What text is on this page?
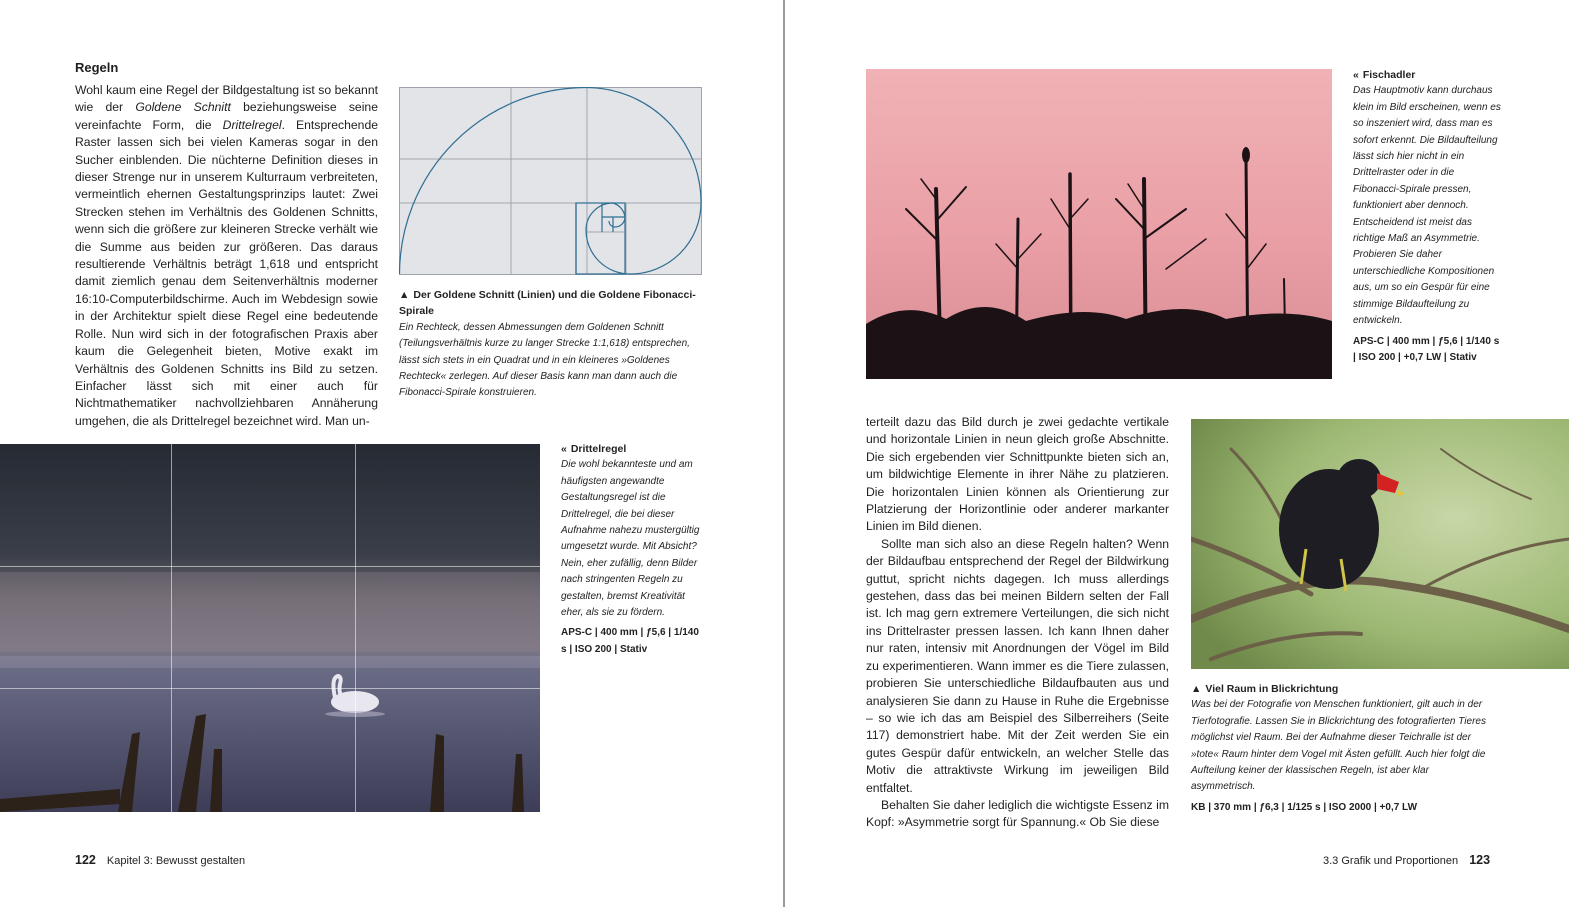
Regeln

Wohl kaum eine Regel der Bildgestaltung ist so bekannt wie der Goldene Schnitt beziehungsweise seine vereinfachte Form, die Drittelregel. Entsprechende Raster lassen sich bei vielen Kameras sogar in den Sucher einblenden. Die nüchterne Definition dieses in dieser Strenge nur in unserem Kulturraum verbreiteten, vermeintlich ehernen Gestaltungsprinzips lautet: Zwei Strecken stehen im Verhältnis des Goldenen Schnitts, wenn sich die größere zur kleineren Strecke verhält wie die Summe aus beiden zur größeren. Das daraus resultierende Verhältnis beträgt 1,618 und entspricht damit ziemlich genau dem Seitenverhältnis moderner 16:10-Computerbildschirme. Auch im Webdesign sowie in der Architektur spielt diese Regel eine bedeutende Rolle. Nun wird sich in der fotografischen Praxis aber kaum die Gelegenheit bieten, Motive exakt im Verhältnis des Goldenen Schnitts ins Bild zu setzen. Einfacher lässt sich mit einer auch für Nichtmathematiker nachvollziehbaren Annäherung umgehen, die als Drittelregel bezeichnet wird. Man un-

▲ Der Goldene Schnitt (Linien) und die Goldene Fibonacci-Spirale
Ein Rechteck, dessen Abmessungen dem Goldenen Schnitt (Teilungsverhältnis kurze zu langer Strecke 1:1,618) entsprechen, lässt sich stets in ein Quadrat und in ein kleineres »Goldenes Rechteck« zerlegen. Auf dieser Basis kann man dann auch die Fibonacci-Spirale konstruieren.
« Drittelregel
Die wohl bekannteste und am häufigsten angewandte Gestaltungsregel ist die Drittelregel, die bei dieser Aufnahme nahezu mustergültig umgesetzt wurde. Mit Absicht? Nein, eher zufällig, denn Bilder nach stringenten Regeln zu gestalten, bremst Kreativität eher, als sie zu fördern.
APS-C | 400 mm | ƒ5,6 | 1/140 s | ISO 200 | Stativ
122 Kapitel 3: Bewusst gestalten
« Fischadler
Das Hauptmotiv kann durchaus klein im Bild erscheinen, wenn es so inszeniert wird, dass man es sofort erkennt. Die Bildaufteilung lässt sich hier nicht in ein Drittelraster oder in die Fibonacci-Spirale pressen, funktioniert aber dennoch. Entscheidend ist meist das richtige Maß an Asymmetrie. Probieren Sie daher unterschiedliche Kompositionen aus, um so ein Gespür für eine stimmige Bildaufteilung zu entwickeln.
APS-C | 400 mm | ƒ5,6 | 1/140 s | ISO 200 | +0,7 LW | Stativ

terteilt dazu das Bild durch je zwei gedachte vertikale und horizontale Linien in neun gleich große Abschnitte. Die sich ergebenden vier Schnittpunkte bieten sich an, um bildwichtige Elemente in ihrer Nähe zu platzieren. Die horizontalen Linien können als Orientierung zur Platzierung der Horizontlinie oder anderer markanter Linien im Bild dienen.

Sollte man sich also an diese Regeln halten? Wenn der Bildaufbau entsprechend der Regel der Bildwirkung guttut, spricht nichts dagegen. Ich muss allerdings gestehen, dass das bei meinen Bildern selten der Fall ist. Ich mag gern extremere Verteilungen, die sich nicht ins Drittelraster pressen lassen. Ich kann Ihnen daher nur raten, intensiv mit Anordnungen der Vögel im Bild zu experimentieren. Wann immer es die Tiere zulassen, probieren Sie unterschiedliche Bildaufbauten aus und analysieren Sie dann zu Hause in Ruhe die Ergebnisse – so wie ich das am Beispiel des Silberreihers (Seite 117) demonstriert habe. Mit der Zeit werden Sie ein gutes Gespür dafür entwickeln, an welcher Stelle das Motiv die attraktivste Wirkung im jeweiligen Bild entfaltet.

Behalten Sie daher lediglich die wichtigste Essenz im Kopf: »Asymmetrie sorgt für Spannung.« Ob Sie diese

▲ Viel Raum in Blickrichtung
Was bei der Fotografie von Menschen funktioniert, gilt auch in der Tierfotografie. Lassen Sie in Blickrichtung des fotografierten Tieres möglichst viel Raum. Bei der Aufnahme dieser Teichralle ist der »tote« Raum hinter dem Vogel mit Ästen gefüllt. Auch hier folgt die Aufteilung keiner der klassischen Regeln, ist aber klar asymmetrisch.
KB | 370 mm | ƒ6,3 | 1/125 s | ISO 2000 | +0,7 LW
3.3 Grafik und Proportionen 123
